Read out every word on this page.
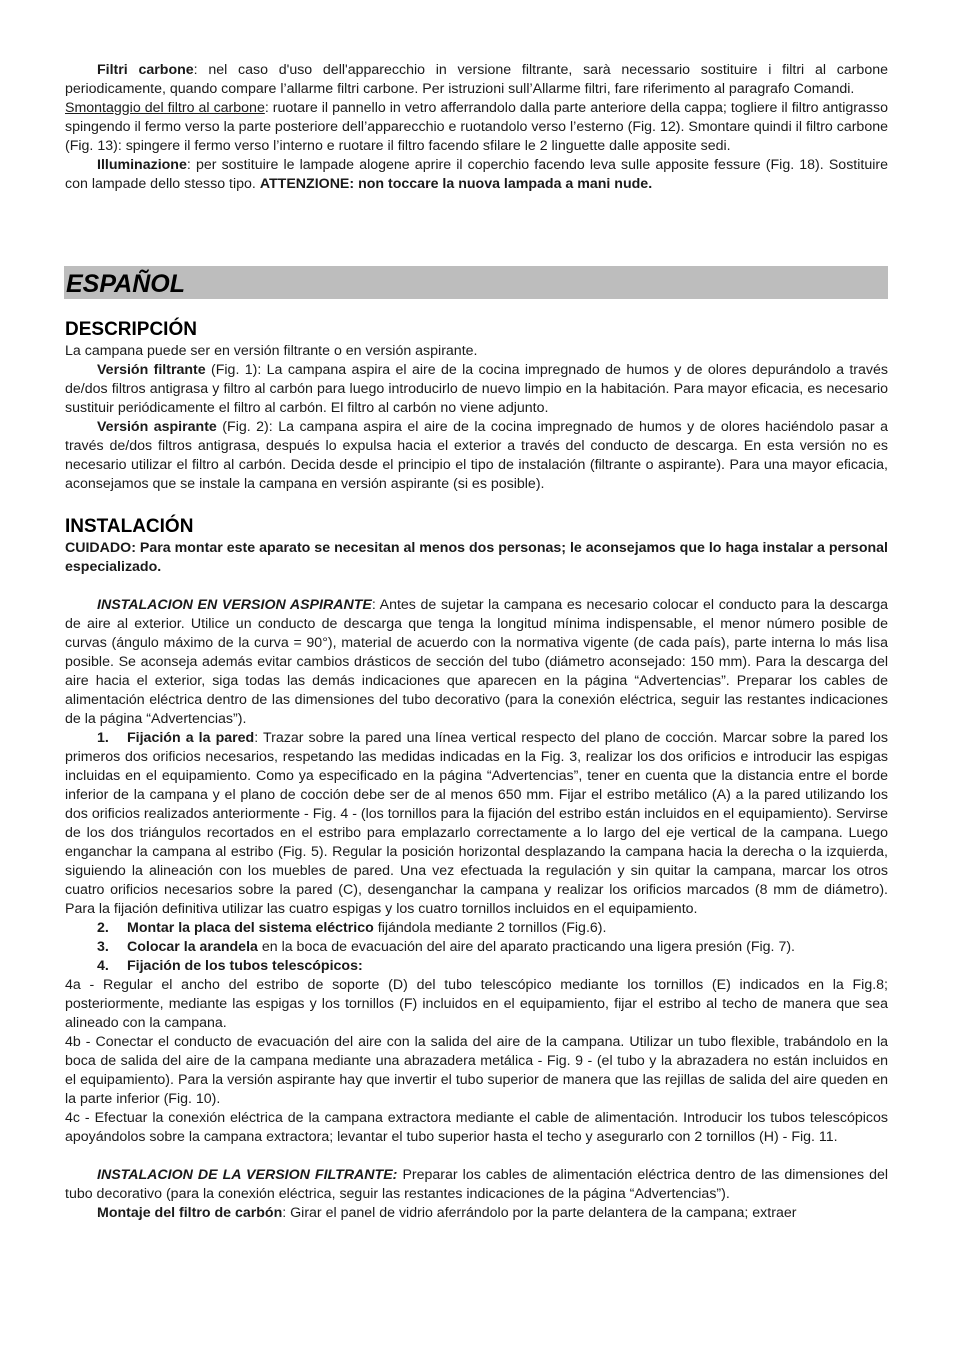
Filtri carbone: nel caso d'uso dell'apparecchio in versione filtrante, sarà necessario sostituire i filtri al carbone periodicamente, quando compare l’allarme filtri carbone. Per istruzioni sull’Allarme filtri, fare riferimento al paragrafo Comandi.

Smontaggio del filtro al carbone: ruotare il pannello in vetro afferrandolo dalla parte anteriore della cappa; togliere il filtro antigrasso spingendo il fermo verso la parte posteriore dell’apparecchio e ruotandolo verso l’esterno (Fig. 12). Smontare quindi il filtro carbone (Fig. 13): spingere il fermo verso l’interno e ruotare il filtro facendo sfilare le 2 linguette dalle apposite sedi.

Illuminazione: per sostituire le lampade alogene aprire il coperchio facendo leva sulle apposite fessure (Fig. 18). Sostituire con lampade dello stesso tipo. ATTENZIONE: non toccare la nuova lampada a mani nude.

ESPAÑOL
DESCRIPCIÓN

La campana puede ser en versión filtrante o en versión aspirante.

Versión filtrante (Fig. 1): La campana aspira el aire de la cocina impregnado de humos y de olores depurándolo a través de/dos filtros antigrasa y filtro al carbón para luego introducirlo de nuevo limpio en la habitación. Para mayor eficacia, es necesario sustituir periódicamente el filtro al carbón. El filtro al carbón no viene adjunto.

Versión aspirante (Fig. 2): La campana aspira el aire de la cocina impregnado de humos y de olores haciéndolo pasar a través de/dos filtros antigrasa, después lo expulsa hacia el exterior a través del conducto de descarga. En esta versión no es necesario utilizar el filtro al carbón. Decida desde el principio el tipo de instalación (filtrante o aspirante). Para una mayor eficacia, aconsejamos que se instale la campana en versión aspirante (si es posible).

INSTALACIÓN

CUIDADO: Para montar este aparato se necesitan al menos dos personas; le aconsejamos que lo haga instalar a personal especializado.

INSTALACION EN VERSION ASPIRANTE: Antes de sujetar la campana es necesario colocar el conducto para la descarga de aire al exterior. Utilice un conducto de descarga que tenga la longitud mínima indispensable, el menor número posible de curvas (ángulo máximo de la curva = 90°), material de acuerdo con la normativa vigente (de cada país), parte interna lo más lisa posible. Se aconseja además evitar cambios drásticos de sección del tubo (diámetro aconsejado: 150 mm). Para la descarga del aire hacia el exterior, siga todas las demás indicaciones que aparecen en la página “Advertencias”. Preparar los cables de alimentación eléctrica dentro de las dimensiones del tubo decorativo (para la conexión eléctrica, seguir las restantes indicaciones de la página “Advertencias”).

1. Fijación a la pared: Trazar sobre la pared una línea vertical respecto del plano de cocción. Marcar sobre la pared los primeros dos orificios necesarios, respetando las medidas indicadas en la Fig. 3, realizar los dos orificios e introducir las espigas incluidas en el equipamiento. Como ya especificado en la página “Advertencias”, tener en cuenta que la distancia entre el borde inferior de la campana y el plano de cocción debe ser de al menos 650 mm. Fijar el estribo metálico (A) a la pared utilizando los dos orificios realizados anteriormente - Fig. 4 - (los tornillos para la fijación del estribo están incluidos en el equipamiento). Servirse de los dos triángulos recortados en el estribo para emplazarlo correctamente a lo largo del eje vertical de la campana. Luego enganchar la campana al estribo (Fig. 5). Regular la posición horizontal desplazando la campana hacia la derecha o la izquierda, siguiendo la alineación con los muebles de pared. Una vez efectuada la regulación y sin quitar la campana, marcar los otros cuatro orificios necesarios sobre la pared (C), desenganchar la campana y realizar los orificios marcados (8 mm de diámetro). Para la fijación definitiva utilizar las cuatro espigas y los cuatro tornillos incluidos en el equipamiento.

2. Montar la placa del sistema eléctrico fijándola mediante 2 tornillos (Fig.6).

3. Colocar la arandela en la boca de evacuación del aire del aparato practicando una ligera presión (Fig. 7).

4. Fijación de los tubos telescópicos:

4a - Regular el ancho del estribo de soporte (D) del tubo telescópico mediante los tornillos (E) indicados en la Fig.8; posteriormente, mediante las espigas y los tornillos (F) incluidos en el equipamiento, fijar el estribo al techo de manera que sea alineado con la campana.

4b - Conectar el conducto de evacuación del aire con la salida del aire de la campana. Utilizar un tubo flexible, trabándolo en la boca de salida del aire de la campana mediante una abrazadera metálica - Fig. 9 - (el tubo y la abrazadera no están incluidos en el equipamiento). Para la versión aspirante hay que invertir el tubo superior de manera que las rejillas de salida del aire queden en la parte inferior (Fig. 10).

4c - Efectuar la conexión eléctrica de la campana extractora mediante el cable de alimentación. Introducir los tubos telescópicos apoyándolos sobre la campana extractora; levantar el tubo superior hasta el techo y asegurarlo con 2 tornillos (H) - Fig. 11.

INSTALACION DE LA VERSION FILTRANTE: Preparar los cables de alimentación eléctrica dentro de las dimensiones del tubo decorativo (para la conexión eléctrica, seguir las restantes indicaciones de la página “Advertencias”).

Montaje del filtro de carbón: Girar el panel de vidrio aferrándolo por la parte delantera de la campana; extraer
